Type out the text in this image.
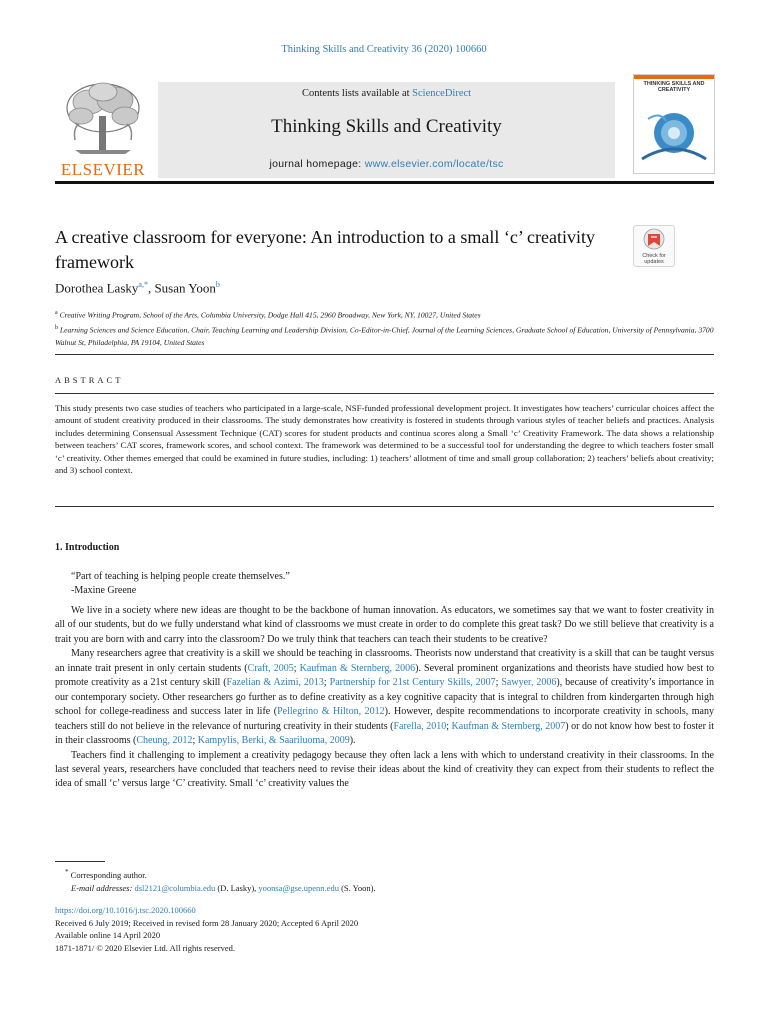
Thinking Skills and Creativity 36 (2020) 100660
ELSEVIER
Contents lists available at ScienceDirect
Thinking Skills and Creativity
journal homepage: www.elsevier.com/locate/tsc
THINKING SKILLS AND CREATIVITY
A creative classroom for everyone: An introduction to a small ‘c’ creativity framework	Check for updates
Dorothea Lasky$^{a,*}$, Susan Yoon$^b$
$^a$ Creative Writing Program, School of the Arts, Columbia University, Dodge Hall 415, 2960 Broadway, New York, NY, 10027, United States
$^b$ Learning Sciences and Science Education, Chair, Teaching Learning and Leadership Division, Co-Editor-in-Chief, Journal of the Learning Sciences, Graduate School of Education, University of Pennsylvania, 3700 Walnut St, Philadelphia, PA 19104, United States
ABSTRACT
This study presents two case studies of teachers who participated in a large-scale, NSF-funded professional development project. It investigates how teachers’ curricular choices affect the amount of student creativity produced in their classrooms. The study demonstrates how creativity is fostered in students through various styles of teacher beliefs and practices. Analysis includes determining Consensual Assessment Technique (CAT) scores for student products and continua scores along a Small ‘c’ Creativity Framework. The data shows a relationship between teachers’ CAT scores, framework scores, and school context. The framework was determined to be a successful tool for understanding the degree to which teachers foster small ‘c’ creativity. Other themes emerged that could be examined in future studies, including: 1) teachers’ allotment of time and small group collaboration; 2) teachers’ beliefs about creativity; and 3) school context.
1. Introduction
“Part of teaching is helping people create themselves.”
-Maxine Greene

We live in a society where new ideas are thought to be the backbone of human innovation. As educators, we sometimes say that we want to foster creativity in all of our students, but do we fully understand what kind of classrooms we must create in order to do complete this great task? Do we still believe that creativity is a trait you are born with and carry into the classroom? Do we truly think that teachers can teach their students to be creative?

Many researchers agree that creativity is a skill we should be teaching in classrooms. Theorists now understand that creativity is a skill that can be taught versus an innate trait present in only certain students (Craft, 2005; Kaufman & Sternberg, 2006). Several prominent organizations and theorists have studied how best to promote creativity as a 21st century skill (Fazelian & Azimi, 2013; Partnership for 21st Century Skills, 2007; Sawyer, 2006), because of creativity’s importance in our contemporary society. Other researchers go further as to define creativity as a key cognitive capacity that is integral to children from kindergarten through high school for college-readiness and success later in life (Pellegrino & Hilton, 2012). However, despite recommendations to incorporate creativity in schools, many teachers still do not believe in the relevance of nurturing creativity in their students (Farella, 2010; Kaufman & Sternberg, 2007) or do not know how best to foster it in their classrooms (Cheung, 2012; Kampylis, Berki, & Saariluoma, 2009).

Teachers find it challenging to implement a creativity pedagogy because they often lack a lens with which to understand creativity in their classrooms. In the last several years, researchers have concluded that teachers need to revise their ideas about the kind of creativity they can expect from their students to reflect the idea of small ‘c’ versus large ‘C’ creativity. Small ‘c’ creativity values the

* Corresponding author.
E-mail addresses: dsl2121@columbia.edu (D. Lasky), yoonsa@gse.upenn.edu (S. Yoon).
https://doi.org/10.1016/j.tsc.2020.100660
Received 6 July 2019; Received in revised form 28 January 2020; Accepted 6 April 2020
Available online 14 April 2020
1871-1871/ © 2020 Elsevier Ltd. All rights reserved.
